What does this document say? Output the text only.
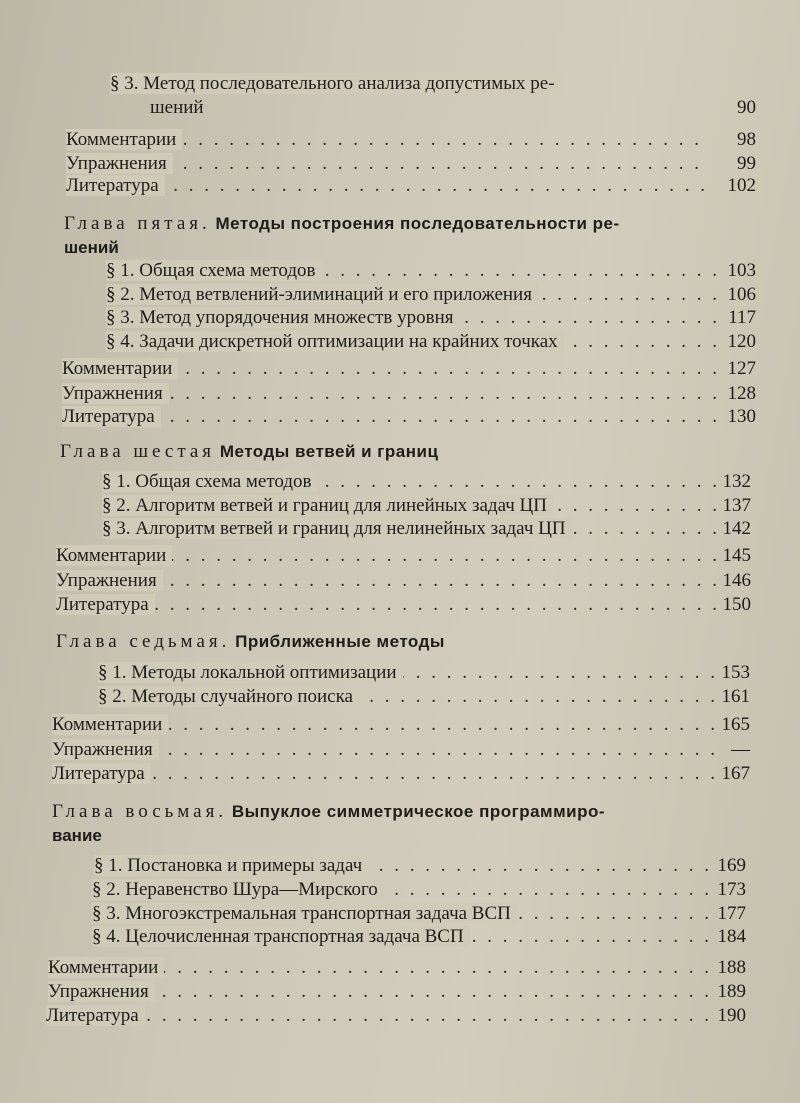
§ 3. Метод последовательного анализа допустимых ре-
шений	90
. . .
Комментарии	98
. . .
Упражнения	99
. . .
Литература	102
Глава пятая. Методы построения последовательности ре-
шений
. . .
§ 1. Общая схема методов	103
. . .
§ 2. Метод ветвлений-элиминаций и его приложения	106
. . .
§ 3. Метод упорядочения множеств уровня	117
. . .
§ 4. Задачи дискретной оптимизации на крайних точках	120
. . .
Комментарии	127
. . .
Упражнения	128
. . .
Литература	130
Глава шестая Методы ветвей и границ
. . .
§ 1. Общая схема методов	132
. . .
§ 2. Алгоритм ветвей и границ для линейных задач ЦП	137
. . .
§ 3. Алгоритм ветвей и границ для нелинейных задач ЦП	142
. . .
Комментарии	145
. . .
Упражнения	146
. . .
Литература	150
Глава седьмая. Приближенные методы
. . .
§ 1. Методы локальной оптимизации	153
. . .
§ 2. Методы случайного поиска	161
. . .
Комментарии	165
. . .
Упражнения	—
. . .
Литература	167
Глава восьмая. Выпуклое симметрическое программиро-
вание
. . .
§ 1. Постановка и примеры задач	169
. . .
§ 2. Неравенство Шура—Мирского	173
. . .
§ 3. Многоэкстремальная транспортная задача ВСП	177
. . .
§ 4. Целочисленная транспортная задача ВСП	184
. . .
Комментарии	188
. . .
Упражнения	189
. . .
Литература	190
